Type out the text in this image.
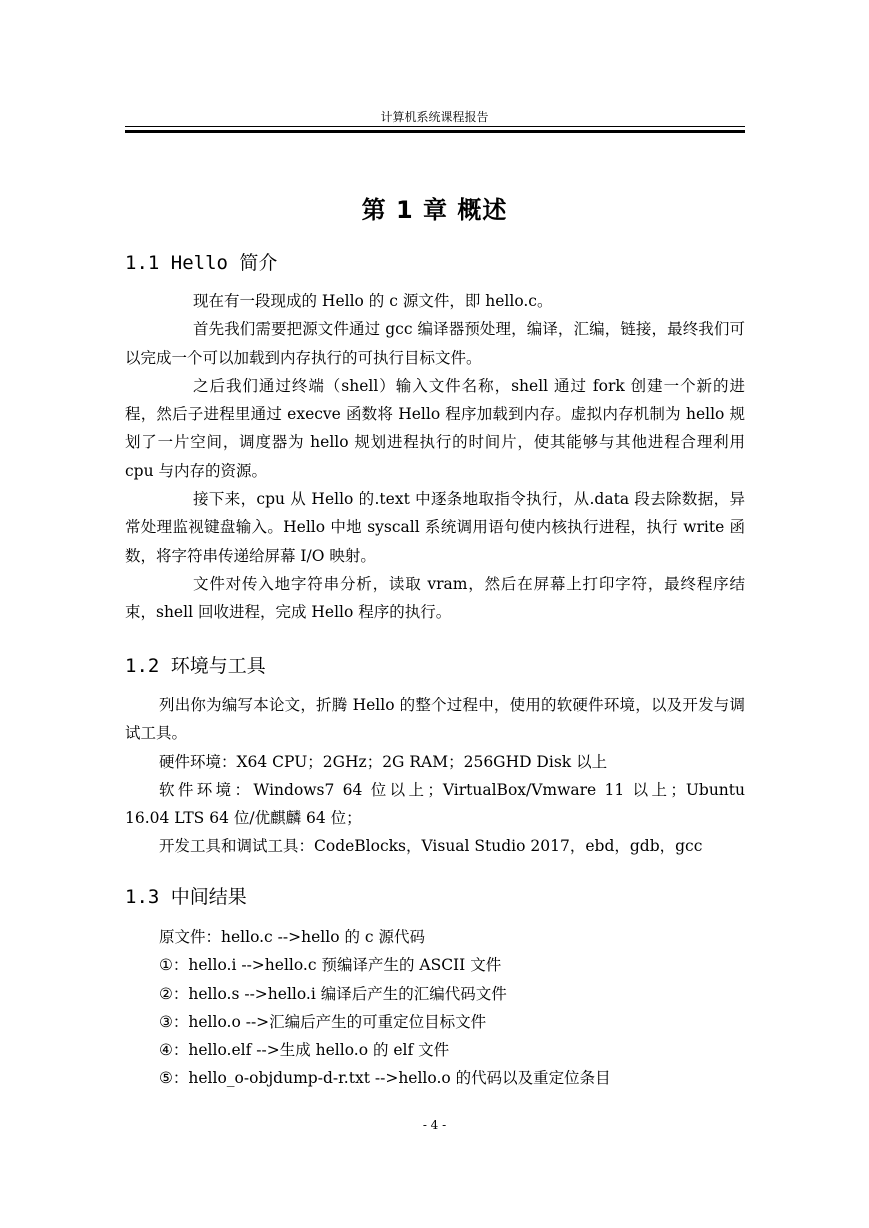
计算机系统课程报告
第 1 章 概述
1.1 Hello 简介

现在有一段现成的 Hello 的 c 源文件，即 hello.c。

首先我们需要把源文件通过 gcc 编译器预处理，编译，汇编，链接，最终我们可以完成一个可以加载到内存执行的可执行目标文件。

之后我们通过终端（shell）输入文件名称，shell 通过 fork 创建一个新的进程，然后子进程里通过 execve 函数将 Hello 程序加载到内存。虚拟内存机制为 hello 规划了一片空间，调度器为 hello 规划进程执行的时间片，使其能够与其他进程合理利用 cpu 与内存的资源。

接下来，cpu 从 Hello 的.text 中逐条地取指令执行，从.data 段去除数据，异常处理监视键盘输入。Hello 中地 syscall 系统调用语句使内核执行进程，执行 write 函数，将字符串传递给屏幕 I/O 映射。

文件对传入地字符串分析，读取 vram，然后在屏幕上打印字符，最终程序结束，shell 回收进程，完成 Hello 程序的执行。

1.2 环境与工具

列出你为编写本论文，折腾 Hello 的整个过程中，使用的软硬件环境，以及开发与调试工具。

硬件环境：X64 CPU；2GHz；2G RAM；256GHD Disk 以上

软件环境：Windows7 64 位以上；VirtualBox/Vmware 11 以上；Ubuntu 16.04 LTS 64 位/优麒麟 64 位；

开发工具和调试工具：CodeBlocks，Visual Studio 2017，ebd，gdb，gcc

1.3 中间结果

原文件：hello.c -->hello 的 c 源代码

①：hello.i -->hello.c 预编译产生的 ASCII 文件

②：hello.s -->hello.i 编译后产生的汇编代码文件

③：hello.o -->汇编后产生的可重定位目标文件

④：hello.elf -->生成 hello.o 的 elf 文件

⑤：hello_o-objdump-d-r.txt -->hello.o 的代码以及重定位条目

- 4 -
